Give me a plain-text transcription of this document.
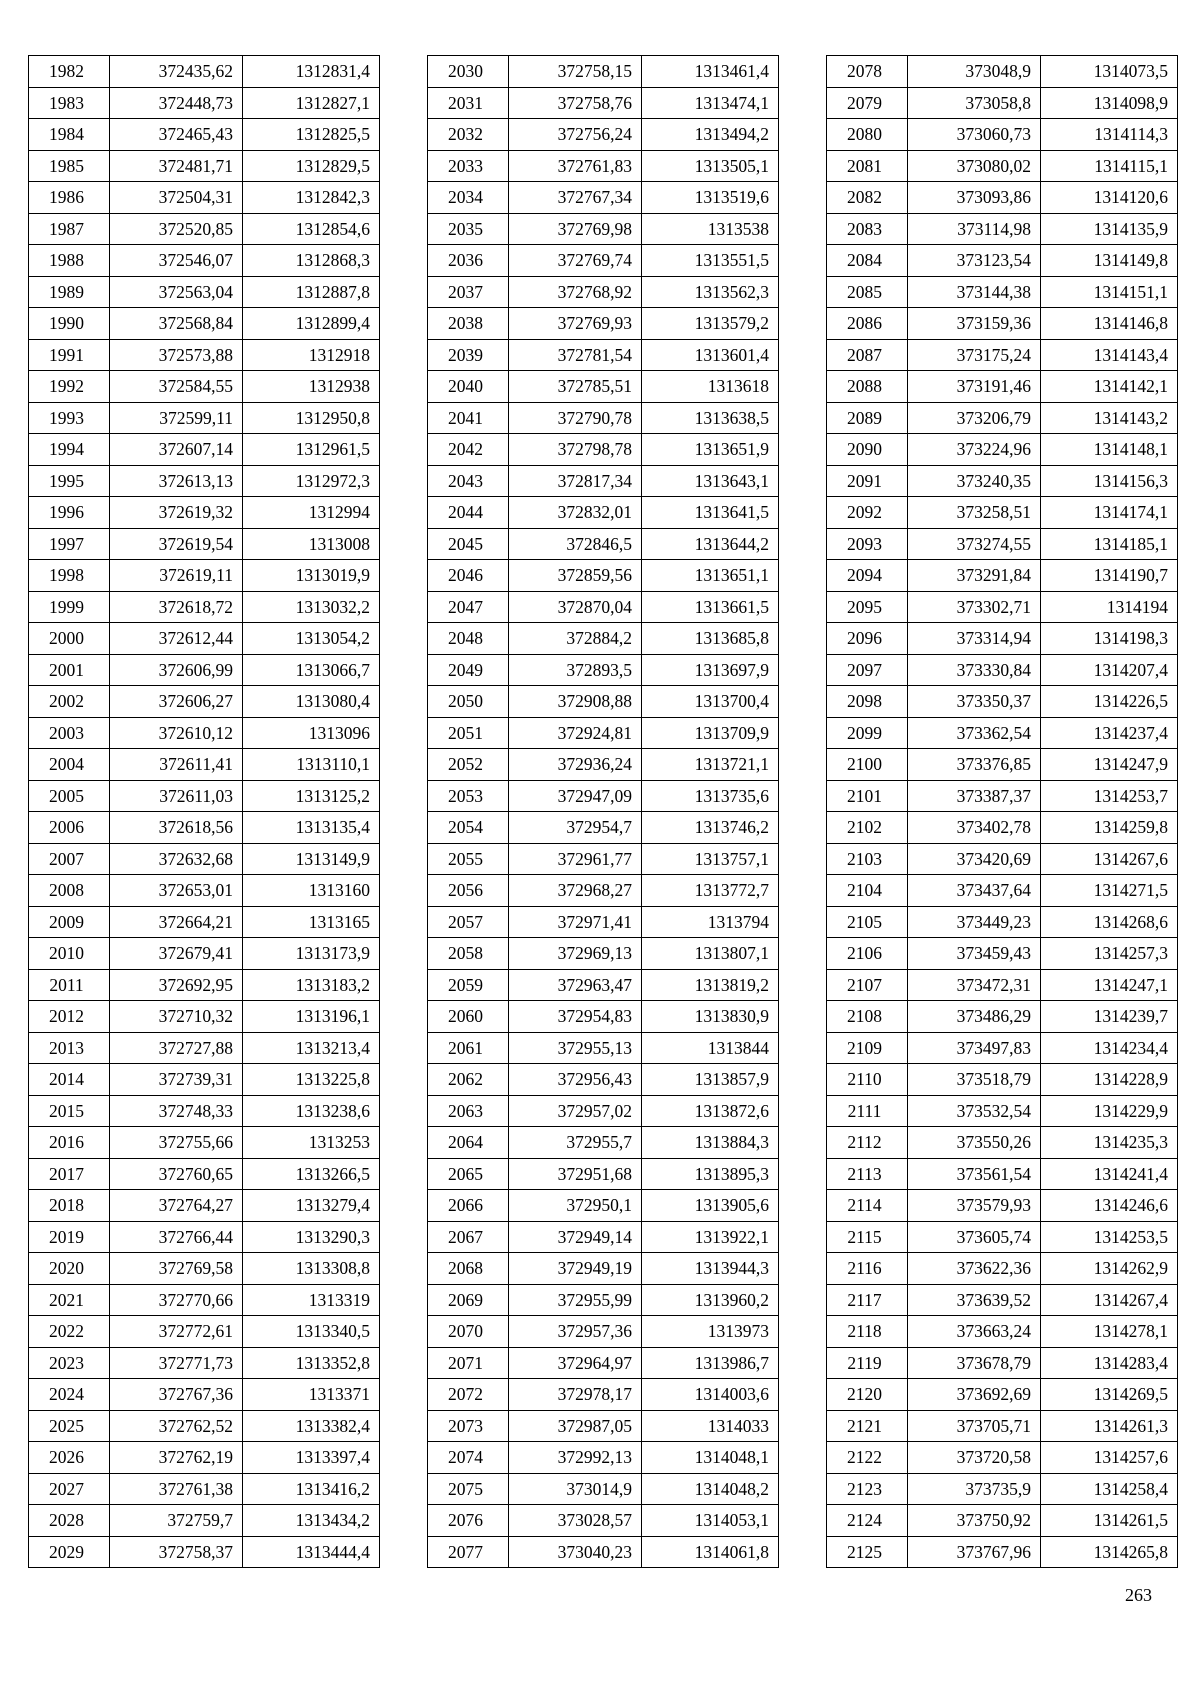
1982	372435,62	1312831,4
1983	372448,73	1312827,1
1984	372465,43	1312825,5
1985	372481,71	1312829,5
1986	372504,31	1312842,3
1987	372520,85	1312854,6
1988	372546,07	1312868,3
1989	372563,04	1312887,8
1990	372568,84	1312899,4
1991	372573,88	1312918
1992	372584,55	1312938
1993	372599,11	1312950,8
1994	372607,14	1312961,5
1995	372613,13	1312972,3
1996	372619,32	1312994
1997	372619,54	1313008
1998	372619,11	1313019,9
1999	372618,72	1313032,2
2000	372612,44	1313054,2
2001	372606,99	1313066,7
2002	372606,27	1313080,4
2003	372610,12	1313096
2004	372611,41	1313110,1
2005	372611,03	1313125,2
2006	372618,56	1313135,4
2007	372632,68	1313149,9
2008	372653,01	1313160
2009	372664,21	1313165
2010	372679,41	1313173,9
2011	372692,95	1313183,2
2012	372710,32	1313196,1
2013	372727,88	1313213,4
2014	372739,31	1313225,8
2015	372748,33	1313238,6
2016	372755,66	1313253
2017	372760,65	1313266,5
2018	372764,27	1313279,4
2019	372766,44	1313290,3
2020	372769,58	1313308,8
2021	372770,66	1313319
2022	372772,61	1313340,5
2023	372771,73	1313352,8
2024	372767,36	1313371
2025	372762,52	1313382,4
2026	372762,19	1313397,4
2027	372761,38	1313416,2
2028	372759,7	1313434,2
2029	372758,37	1313444,4
2030	372758,15	1313461,4
2031	372758,76	1313474,1
2032	372756,24	1313494,2
2033	372761,83	1313505,1
2034	372767,34	1313519,6
2035	372769,98	1313538
2036	372769,74	1313551,5
2037	372768,92	1313562,3
2038	372769,93	1313579,2
2039	372781,54	1313601,4
2040	372785,51	1313618
2041	372790,78	1313638,5
2042	372798,78	1313651,9
2043	372817,34	1313643,1
2044	372832,01	1313641,5
2045	372846,5	1313644,2
2046	372859,56	1313651,1
2047	372870,04	1313661,5
2048	372884,2	1313685,8
2049	372893,5	1313697,9
2050	372908,88	1313700,4
2051	372924,81	1313709,9
2052	372936,24	1313721,1
2053	372947,09	1313735,6
2054	372954,7	1313746,2
2055	372961,77	1313757,1
2056	372968,27	1313772,7
2057	372971,41	1313794
2058	372969,13	1313807,1
2059	372963,47	1313819,2
2060	372954,83	1313830,9
2061	372955,13	1313844
2062	372956,43	1313857,9
2063	372957,02	1313872,6
2064	372955,7	1313884,3
2065	372951,68	1313895,3
2066	372950,1	1313905,6
2067	372949,14	1313922,1
2068	372949,19	1313944,3
2069	372955,99	1313960,2
2070	372957,36	1313973
2071	372964,97	1313986,7
2072	372978,17	1314003,6
2073	372987,05	1314033
2074	372992,13	1314048,1
2075	373014,9	1314048,2
2076	373028,57	1314053,1
2077	373040,23	1314061,8
2078	373048,9	1314073,5
2079	373058,8	1314098,9
2080	373060,73	1314114,3
2081	373080,02	1314115,1
2082	373093,86	1314120,6
2083	373114,98	1314135,9
2084	373123,54	1314149,8
2085	373144,38	1314151,1
2086	373159,36	1314146,8
2087	373175,24	1314143,4
2088	373191,46	1314142,1
2089	373206,79	1314143,2
2090	373224,96	1314148,1
2091	373240,35	1314156,3
2092	373258,51	1314174,1
2093	373274,55	1314185,1
2094	373291,84	1314190,7
2095	373302,71	1314194
2096	373314,94	1314198,3
2097	373330,84	1314207,4
2098	373350,37	1314226,5
2099	373362,54	1314237,4
2100	373376,85	1314247,9
2101	373387,37	1314253,7
2102	373402,78	1314259,8
2103	373420,69	1314267,6
2104	373437,64	1314271,5
2105	373449,23	1314268,6
2106	373459,43	1314257,3
2107	373472,31	1314247,1
2108	373486,29	1314239,7
2109	373497,83	1314234,4
2110	373518,79	1314228,9
2111	373532,54	1314229,9
2112	373550,26	1314235,3
2113	373561,54	1314241,4
2114	373579,93	1314246,6
2115	373605,74	1314253,5
2116	373622,36	1314262,9
2117	373639,52	1314267,4
2118	373663,24	1314278,1
2119	373678,79	1314283,4
2120	373692,69	1314269,5
2121	373705,71	1314261,3
2122	373720,58	1314257,6
2123	373735,9	1314258,4
2124	373750,92	1314261,5
2125	373767,96	1314265,8
263
